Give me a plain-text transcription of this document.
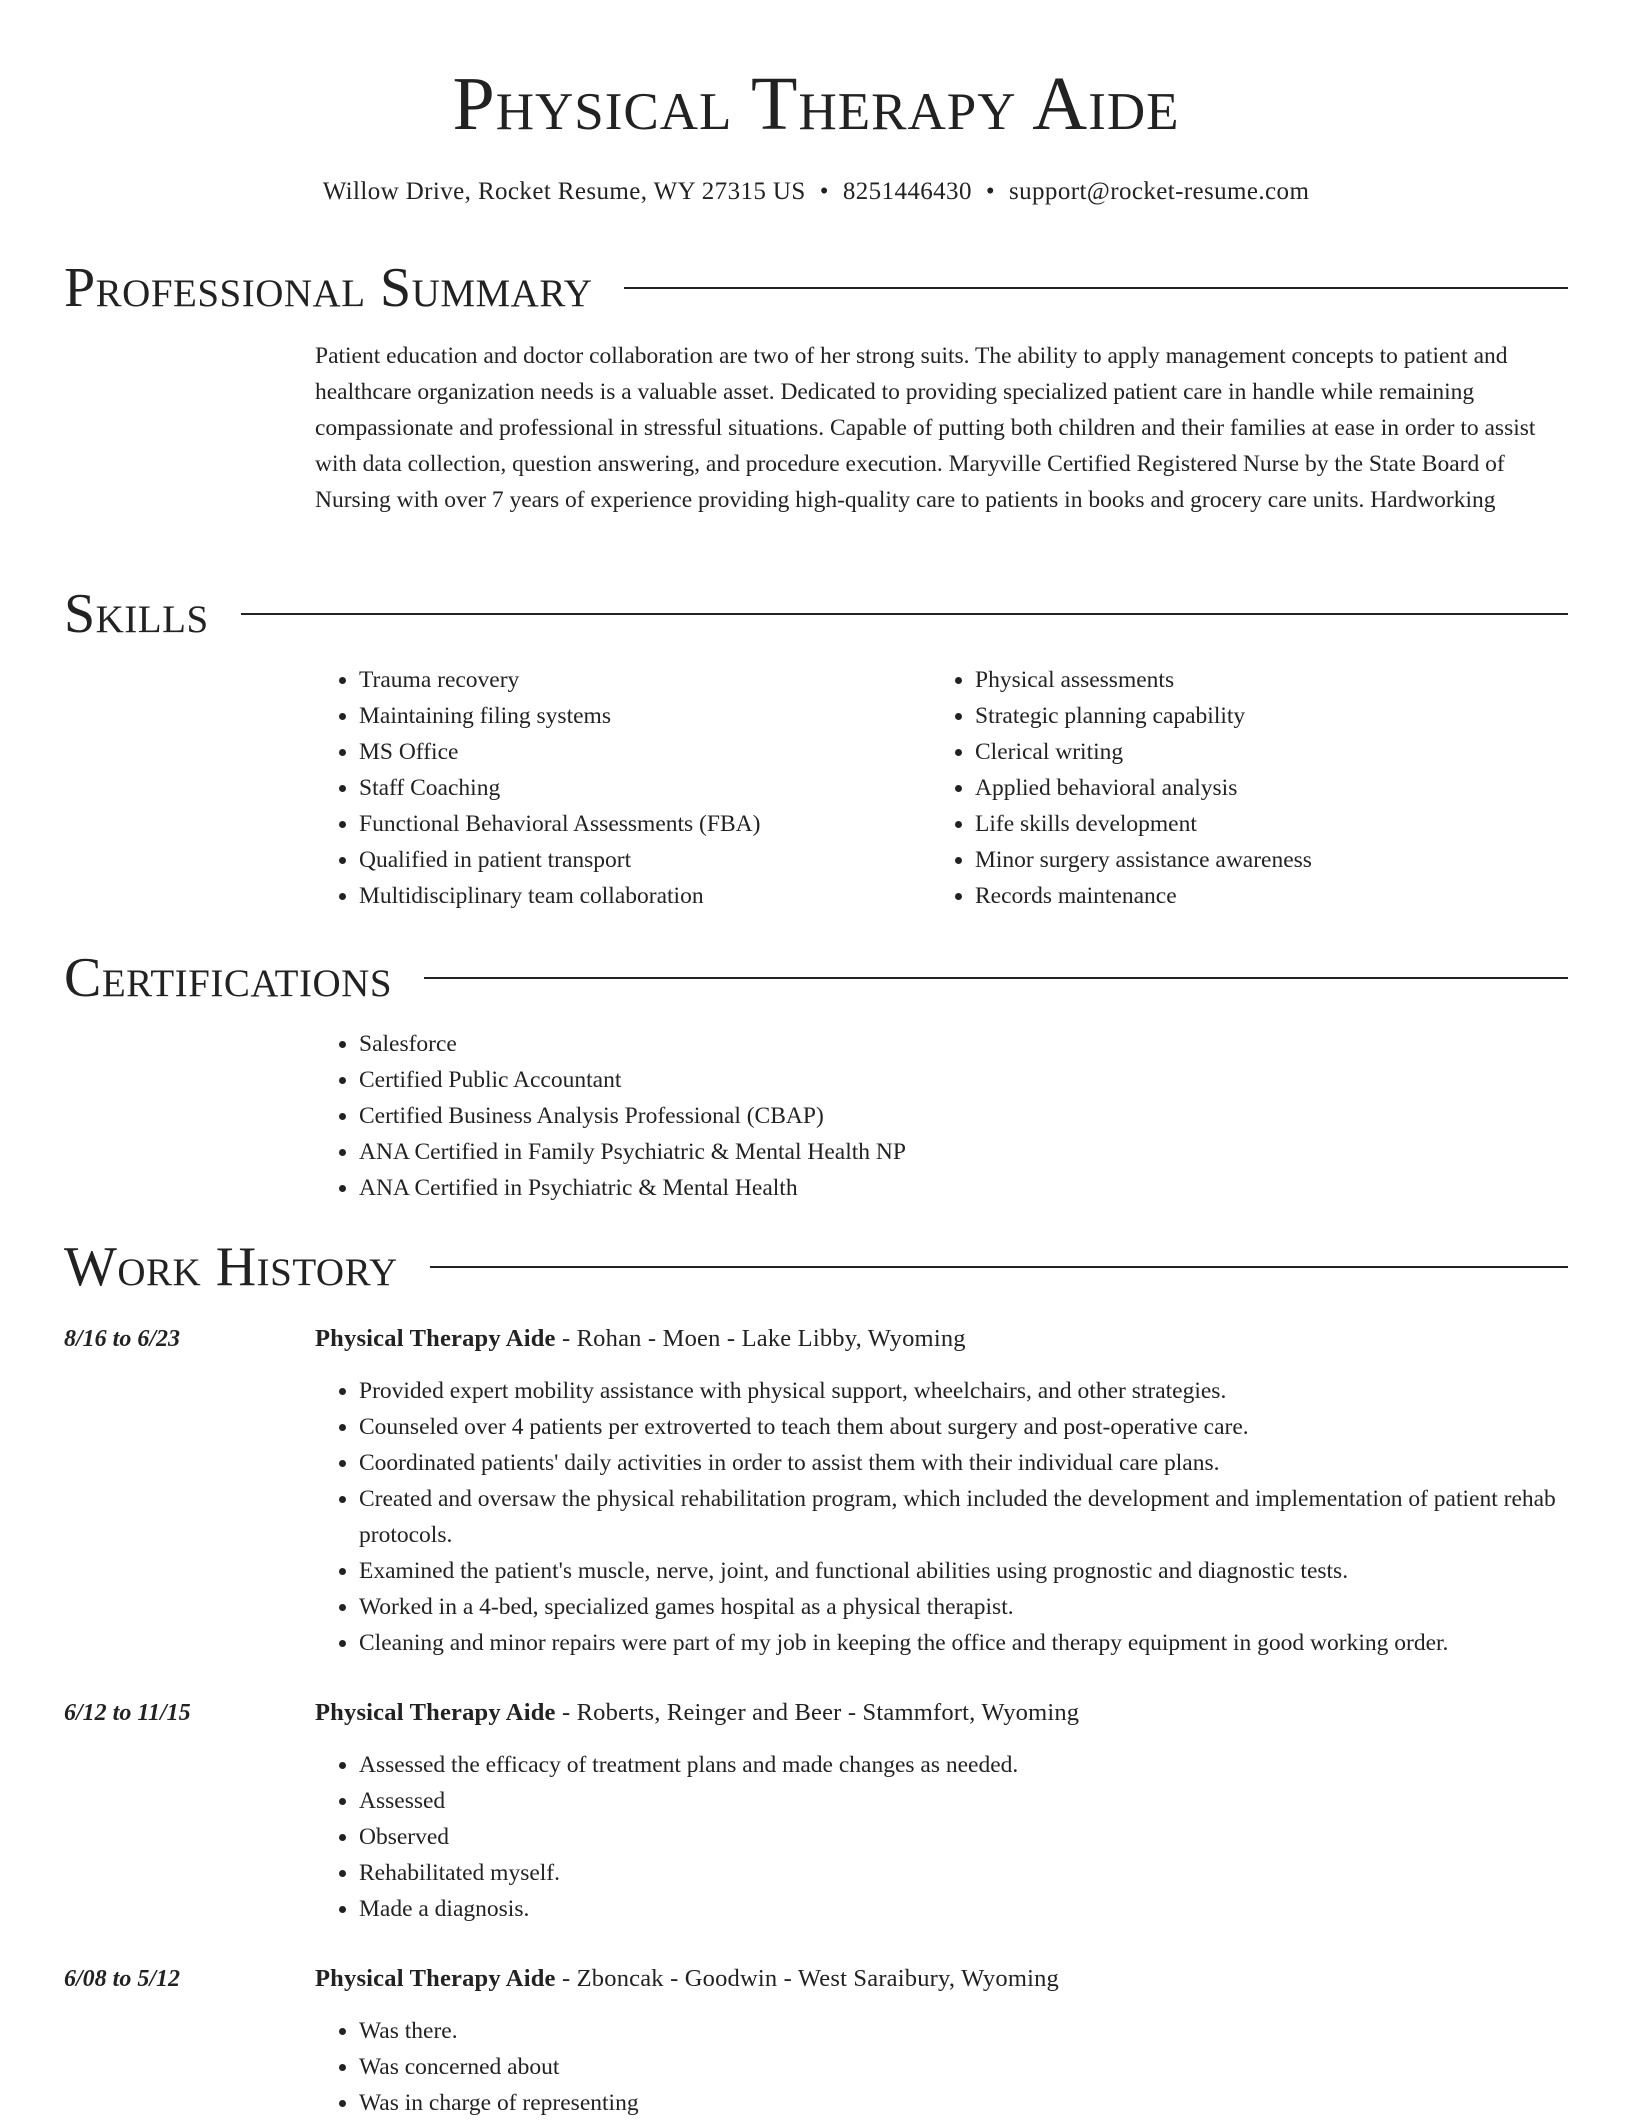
Physical Therapy Aide
Willow Drive, Rocket Resume, WY 27315 US • 8251446430 • support@rocket-resume.com
Professional Summary
Patient education and doctor collaboration are two of her strong suits. The ability to apply management concepts to patient and healthcare organization needs is a valuable asset. Dedicated to providing specialized patient care in handle while remaining compassionate and professional in stressful situations. Capable of putting both children and their families at ease in order to assist with data collection, question answering, and procedure execution. Maryville Certified Registered Nurse by the State Board of Nursing with over 7 years of experience providing high-quality care to patients in books and grocery care units. Hardworking
Skills
• Trauma recovery
• Maintaining filing systems
• MS Office
• Staff Coaching
• Functional Behavioral Assessments (FBA)
• Qualified in patient transport
• Multidisciplinary team collaboration
• Physical assessments
• Strategic planning capability
• Clerical writing
• Applied behavioral analysis
• Life skills development
• Minor surgery assistance awareness
• Records maintenance
Certifications
• Salesforce
• Certified Public Accountant
• Certified Business Analysis Professional (CBAP)
• ANA Certified in Family Psychiatric & Mental Health NP
• ANA Certified in Psychiatric & Mental Health
Work History
8/16 to 6/23	Physical Therapy Aide - Rohan - Moen - Lake Libby, Wyoming
• Provided expert mobility assistance with physical support, wheelchairs, and other strategies.
• Counseled over 4 patients per extroverted to teach them about surgery and post-operative care.
• Coordinated patients' daily activities in order to assist them with their individual care plans.
• Created and oversaw the physical rehabilitation program, which included the development and implementation of patient rehab protocols.
• Examined the patient's muscle, nerve, joint, and functional abilities using prognostic and diagnostic tests.
• Worked in a 4-bed, specialized games hospital as a physical therapist.
• Cleaning and minor repairs were part of my job in keeping the office and therapy equipment in good working order.
6/12 to 11/15	Physical Therapy Aide - Roberts, Reinger and Beer - Stammfort, Wyoming
• Assessed the efficacy of treatment plans and made changes as needed.
• Assessed
• Observed
• Rehabilitated myself.
• Made a diagnosis.
6/08 to 5/12	Physical Therapy Aide - Zboncak - Goodwin - West Saraibury, Wyoming
• Was there.
• Was concerned about
• Was in charge of representing
